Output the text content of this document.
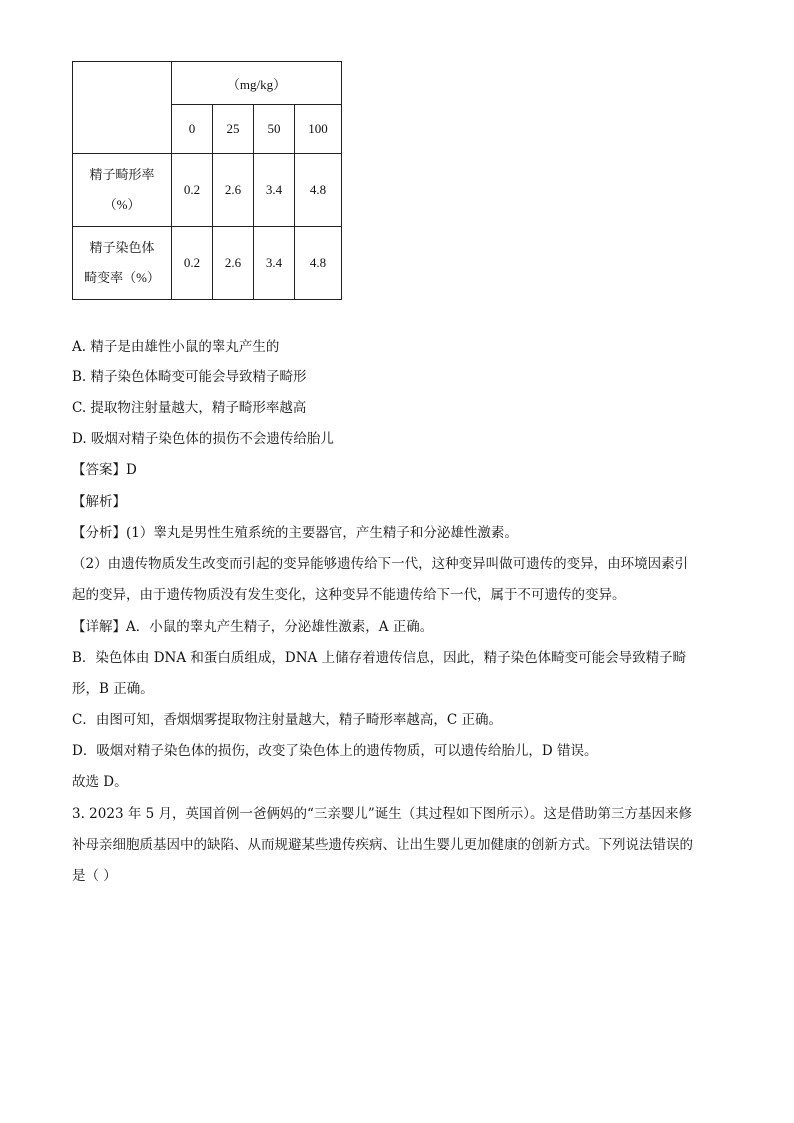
	（mg/kg）			
	0	25	50	100

精子畸形率
（%）	0.2	2.6	3.4	4.8

精子染色体
畸变率（%）	0.2	2.6	3.4	4.8
A. 精子是由雄性小鼠的睾丸产生的
B. 精子染色体畸变可能会导致精子畸形
C. 提取物注射量越大，精子畸形率越高
D. 吸烟对精子染色体的损伤不会遗传给胎儿
【答案】D
【解析】
【分析】(1）睾丸是男性生殖系统的主要器官，产生精子和分泌雄性激素。
（2）由遗传物质发生改变而引起的变异能够遗传给下一代，这种变异叫做可遗传的变异，由环境因素引
起的变异，由于遗传物质没有发生变化，这种变异不能遗传给下一代，属于不可遗传的变异。
【详解】A．小鼠的睾丸产生精子，分泌雄性激素，A 正确。
B．染色体由 DNA 和蛋白质组成，DNA 上储存着遗传信息，因此，精子染色体畸变可能会导致精子畸
形，B 正确。
C．由图可知，香烟烟雾提取物注射量越大，精子畸形率越高，C 正确。
D．吸烟对精子染色体的损伤，改变了染色体上的遗传物质，可以遗传给胎儿，D 错误。
故选 D。
3. 2023 年 5 月，英国首例一爸俩妈的“三亲婴儿”诞生（其过程如下图所示）。这是借助第三方基因来修
补母亲细胞质基因中的缺陷、从而规避某些遗传疾病、让出生婴儿更加健康的创新方式。下列说法错误的
是（ ）
